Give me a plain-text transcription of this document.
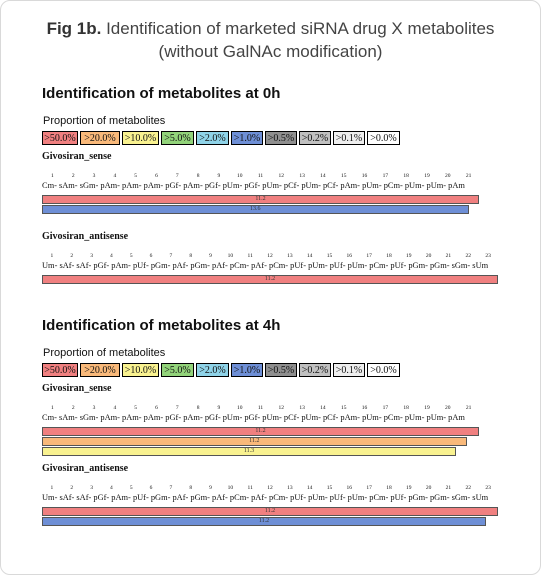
Fig 1b. Identification of marketed siRNA drug X metabolites
(without GalNAc modification)
Identification of metabolites at 0h
Proportion of metabolites
>50.0% >20.0% >10.0% >5.0% >2.0% >1.0% >0.5% >0.2% >0.1% >0.0%
Givosiran_sense
1	2	3	4	5	6	7	8	9	10	11	12	13	14	15	16	17	18	19	20	21
Cm- sAm- sGm- pAm- pAm- pAm- pGf- pAm- pGf- pUm- pGf- pUm- pCf- pUm- pCf- pAm- pUm- pCm- pUm- pUm- pAm
11.2
13.6
Givosiran_antisense
1	2	3	4	5	6	7	8	9	10	11	12	13	14	15	16	17	18	19	20	21	22	23
Um- sAf- sAf- pGf- pAm- pUf- pGm- pAf- pGm- pAf- pCm- pAf- pCm- pUf- pUm- pUf- pUm- pCm- pUf- pGm- pGm- sGm- sUm
11.2
Identification of metabolites at 4h
Proportion of metabolites
>50.0% >20.0% >10.0% >5.0% >2.0% >1.0% >0.5% >0.2% >0.1% >0.0%
Givosiran_sense
1	2	3	4	5	6	7	8	9	10	11	12	13	14	15	16	17	18	19	20	21
Cm- sAm- sGm- pAm- pAm- pAm- pGf- pAm- pGf- pUm- pGf- pUm- pCf- pUm- pCf- pAm- pUm- pCm- pUm- pUm- pAm
11.2
11.2
11.3
Givosiran_antisense
1	2	3	4	5	6	7	8	9	10	11	12	13	14	15	16	17	18	19	20	21	22	23
Um- sAf- sAf- pGf- pAm- pUf- pGm- pAf- pGm- pAf- pCm- pAf- pCm- pUf- pUm- pUf- pUm- pCm- pUf- pGm- pGm- sGm- sUm
11.2
11.2
